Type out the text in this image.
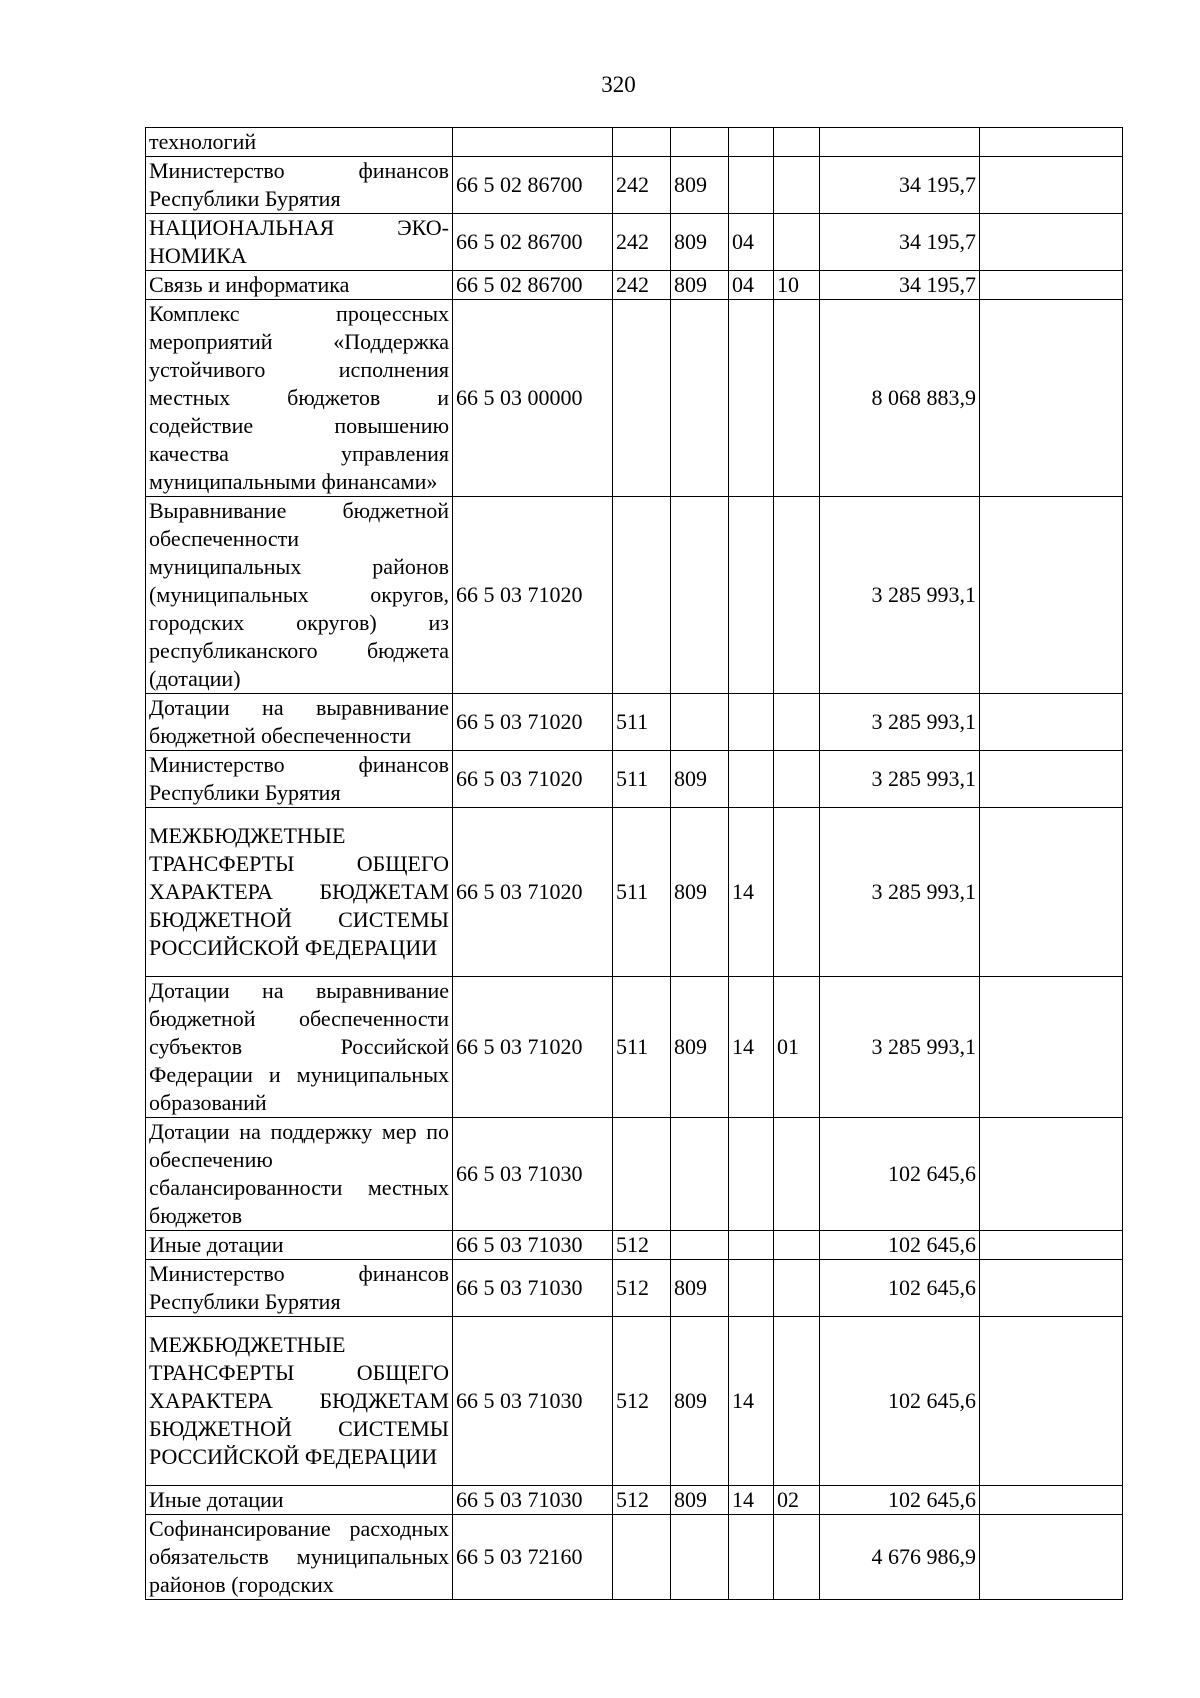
320
технологий							
Министерство финансов Республики Бурятия	66 5 02 86700	242	809			34 195,7	
НАЦИОНАЛЬНАЯ ЭКО-НОМИКА	66 5 02 86700	242	809	04		34 195,7	
Связь и информатика	66 5 02 86700	242	809	04	10	34 195,7	
Комплекс процессных мероприятий «Поддержка устойчивого исполнения местных бюджетов и содействие повышению качества управления муниципальными финансами»	66 5 03 00000					8 068 883,9	
Выравнивание бюджетной обеспеченности муниципальных районов (муниципальных округов, городских округов) из республиканского бюджета (дотации)	66 5 03 71020					3 285 993,1	
Дотации на выравнивание бюджетной обеспеченности	66 5 03 71020	511				3 285 993,1	
Министерство финансов Республики Бурятия	66 5 03 71020	511	809			3 285 993,1	
МЕЖБЮДЖЕТНЫЕ ТРАНСФЕРТЫ ОБЩЕГО ХАРАКТЕРА БЮДЖЕТАМ БЮДЖЕТНОЙ СИСТЕМЫ РОССИЙСКОЙ ФЕДЕРАЦИИ	66 5 03 71020	511	809	14		3 285 993,1	
Дотации на выравнивание бюджетной обеспеченности субъектов Российской Федерации и муниципальных образований	66 5 03 71020	511	809	14	01	3 285 993,1	
Дотации на поддержку мер по обеспечению сбалансированности местных бюджетов	66 5 03 71030					102 645,6	
Иные дотации	66 5 03 71030	512				102 645,6	
Министерство финансов Республики Бурятия	66 5 03 71030	512	809			102 645,6	
МЕЖБЮДЖЕТНЫЕ ТРАНСФЕРТЫ ОБЩЕГО ХАРАКТЕРА БЮДЖЕТАМ БЮДЖЕТНОЙ СИСТЕМЫ РОССИЙСКОЙ ФЕДЕРАЦИИ	66 5 03 71030	512	809	14		102 645,6	
Иные дотации	66 5 03 71030	512	809	14	02	102 645,6	
Софинансирование расходных обязательств муниципальных районов (городских	66 5 03 72160					4 676 986,9	
